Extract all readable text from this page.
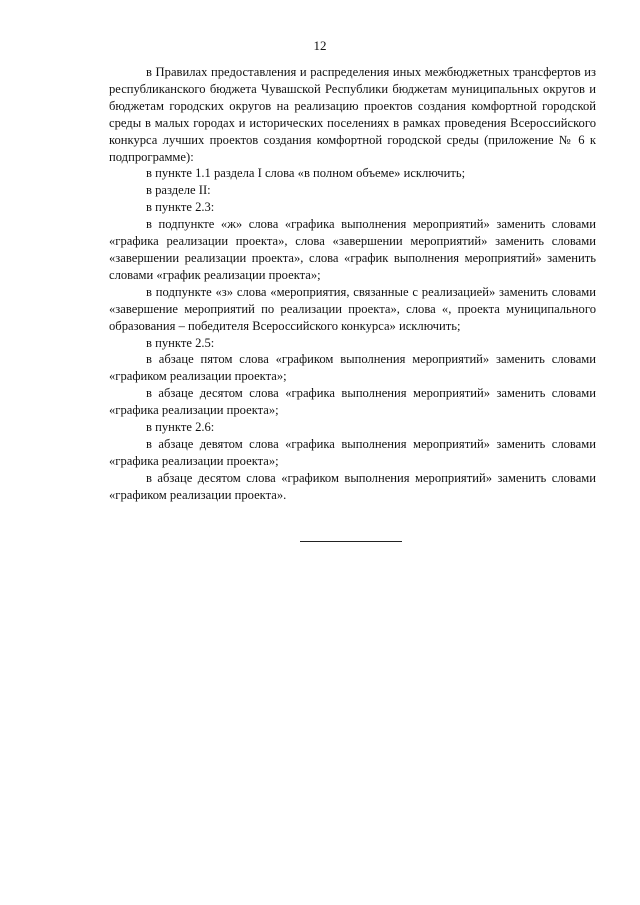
12

в Правилах предоставления и распределения иных межбюджетных трансфертов из республиканского бюджета Чувашской Республики бюджетам муниципальных округов и бюджетам городских округов на реализацию проектов создания комфортной городской среды в малых городах и исторических поселениях в рамках проведения Всероссийского конкурса лучших проектов создания комфортной городской среды (приложение № 6 к подпрограмме):

в пункте 1.1 раздела I слова «в полном объеме» исключить;

в разделе II:

в пункте 2.3:

в подпункте «ж» слова «графика выполнения мероприятий» заменить словами «графика реализации проекта», слова «завершении мероприятий» заменить словами «завершении реализации проекта», слова «график выполнения мероприятий» заменить словами «график реализации проекта»;

в подпункте «з» слова «мероприятия, связанные с реализацией» заменить словами «завершение мероприятий по реализации проекта», слова «, проекта муниципального образования – победителя Всероссийского конкурса» исключить;

в пункте 2.5:

в абзаце пятом слова «графиком выполнения мероприятий» заменить словами «графиком реализации проекта»;

в абзаце десятом слова «графика выполнения мероприятий» заменить словами «графика реализации проекта»;

в пункте 2.6:

в абзаце девятом слова «графика выполнения мероприятий» заменить словами «графика реализации проекта»;

в абзаце десятом слова «графиком выполнения мероприятий» заменить словами «графиком реализации проекта».
